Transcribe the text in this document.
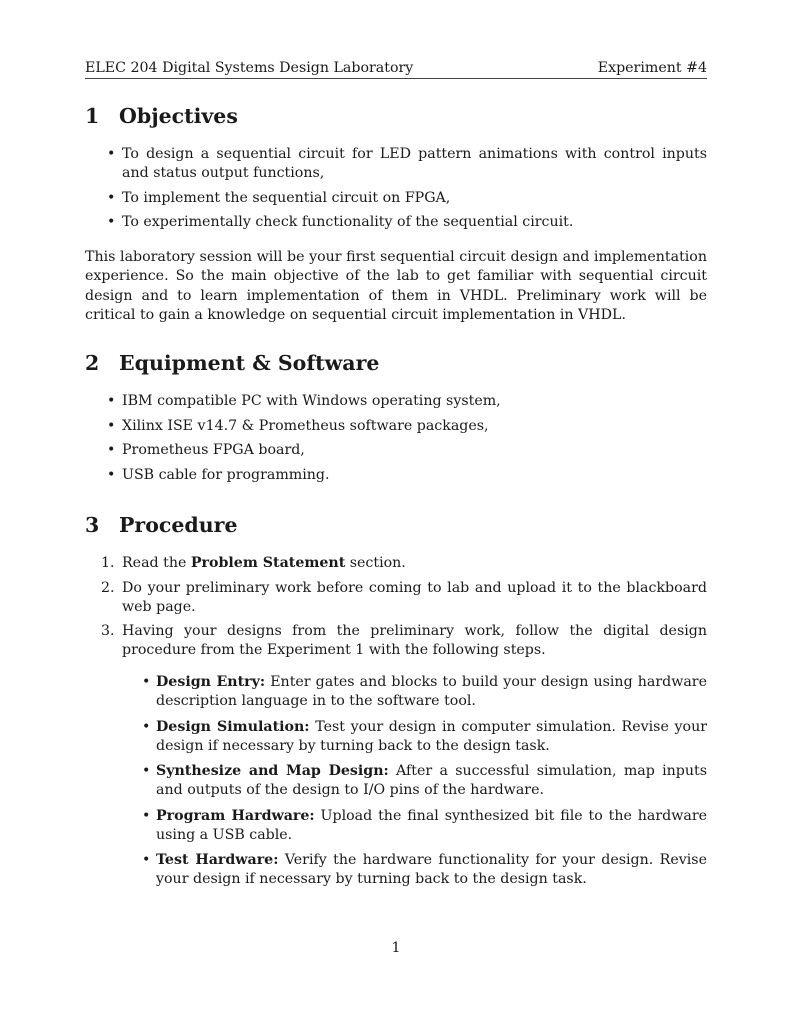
ELEC 204 Digital Systems Design Laboratory	Experiment #4
1 Objectives
• To design a sequential circuit for LED pattern animations with control inputs and status output functions,
• To implement the sequential circuit on FPGA,
• To experimentally check functionality of the sequential circuit.

This laboratory session will be your first sequential circuit design and implementation experience. So the main objective of the lab to get familiar with sequential circuit design and to learn implementation of them in VHDL. Preliminary work will be critical to gain a knowledge on sequential circuit implementation in VHDL.

2 Equipment & Software
• IBM compatible PC with Windows operating system,
• Xilinx ISE v14.7 & Prometheus software packages,
• Prometheus FPGA board,
• USB cable for programming.
3 Procedure
1. Read the Problem Statement section.
2. Do your preliminary work before coming to lab and upload it to the blackboard web page.
3. Having your designs from the preliminary work, follow the digital design procedure from the Experiment 1 with the following steps.
• Design Entry: Enter gates and blocks to build your design using hardware description language in to the software tool.
• Design Simulation: Test your design in computer simulation. Revise your design if necessary by turning back to the design task.
• Synthesize and Map Design: After a successful simulation, map inputs and outputs of the design to I/O pins of the hardware.
• Program Hardware: Upload the final synthesized bit file to the hardware using a USB cable.
• Test Hardware: Verify the hardware functionality for your design. Revise your design if necessary by turning back to the design task.
1
